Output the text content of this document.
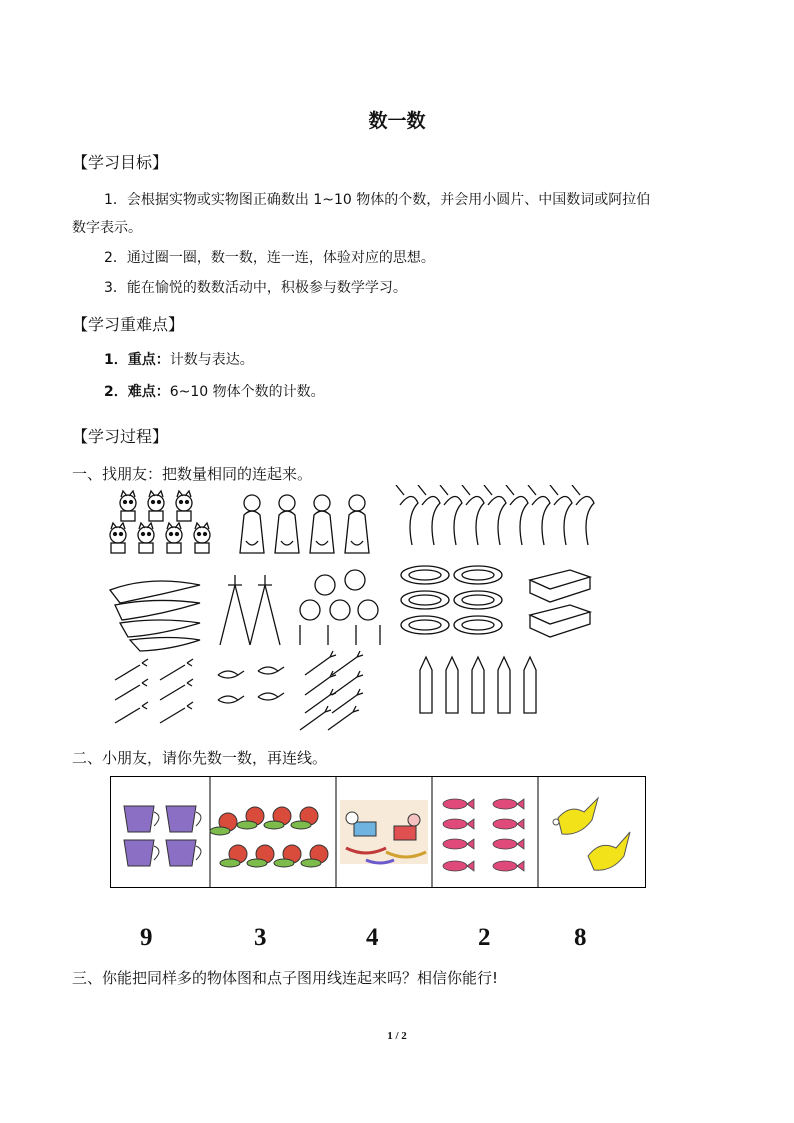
数一数
【学习目标】
1．会根据实物或实物图正确数出 1~10 物体的个数，并会用小圆片、中国数词或阿拉伯
数字表示。
2．通过圈一圈，数一数，连一连，体验对应的思想。
3．能在愉悦的数数活动中，积极参与数学学习。
【学习重难点】
1．重点：计数与表达。
2．难点：6~10 物体个数的计数。
【学习过程】
一、找朋友：把数量相同的连起来。
二、小朋友，请你先数一数，再连线。
9	3	4	2	8
三、你能把同样多的物体图和点子图用线连起来吗？相信你能行!
1 / 2
